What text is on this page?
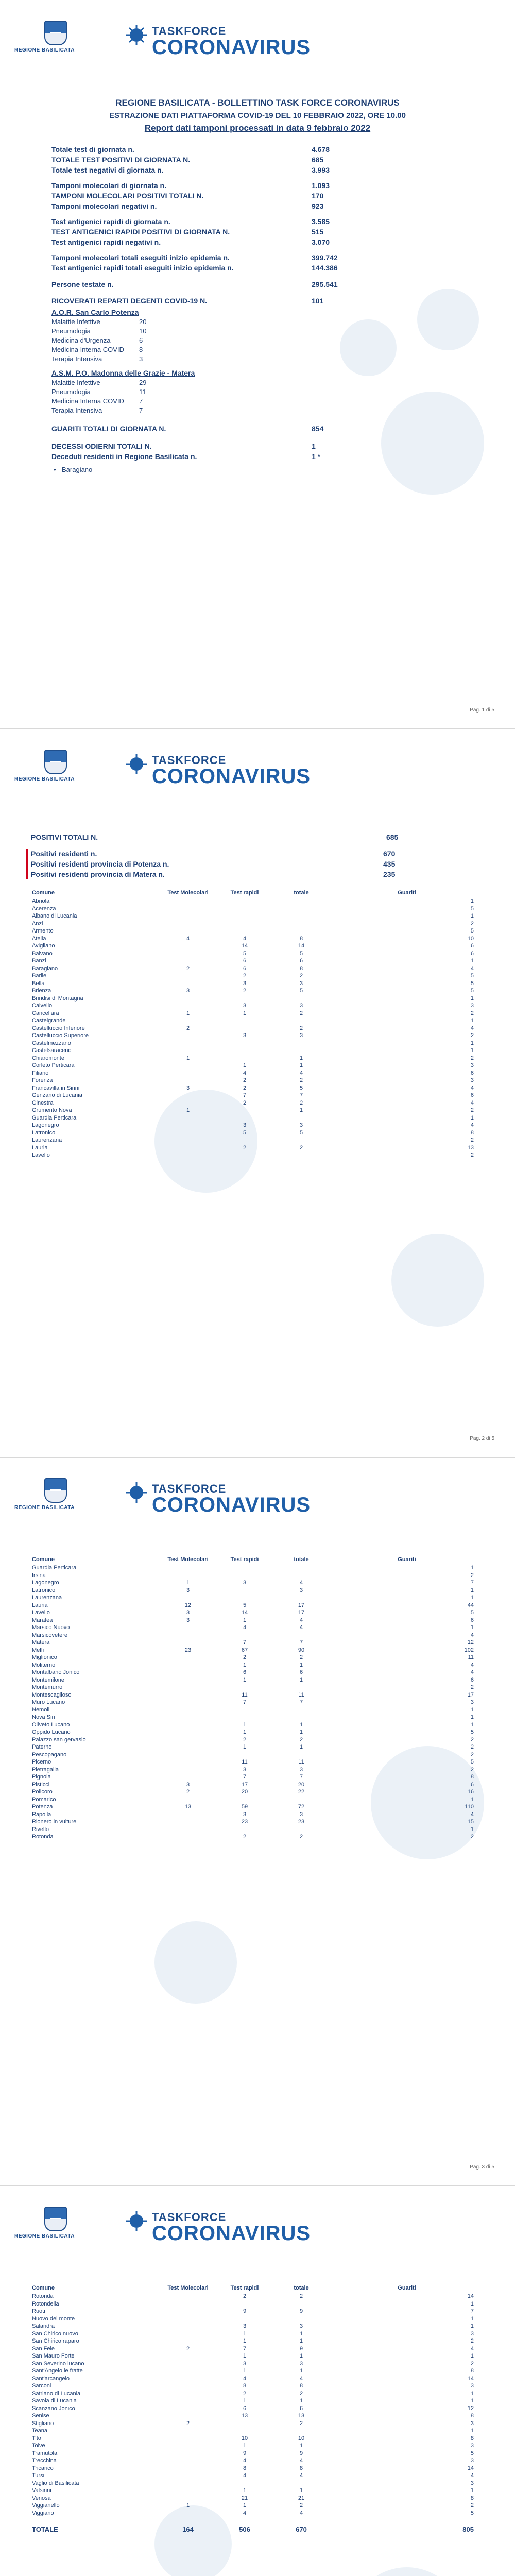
REGIONE BASILICATA
TASKFORCE
CORONAVIRUS
REGIONE BASILICATA - BOLLETTINO TASK FORCE CORONAVIRUS
ESTRAZIONE DATI PIATTAFORMA COVID-19 DEL 10 FEBBRAIO 2022, ORE 10.00
Report dati tamponi processati in data 9 febbraio 2022
Totale test di giornata n.	4.678
TOTALE TEST POSITIVI DI GIORNATA N.	685
Totale test negativi di giornata n.	3.993
Tamponi molecolari di giornata n.	1.093
TAMPONI MOLECOLARI POSITIVI TOTALI N.	170
Tamponi molecolari negativi n.	923
Test antigenici rapidi di giornata n.	3.585
TEST ANTIGENICI RAPIDI POSITIVI DI GIORNATA N.	515
Test antigenici rapidi negativi n.	3.070
Tamponi molecolari totali eseguiti inizio epidemia n.	399.742
Test antigenici rapidi totali eseguiti inizio epidemia n.	144.386
Persone testate n.	295.541
RICOVERATI REPARTI DEGENTI COVID-19 N.	101
A.O.R. San Carlo Potenza
Malattie Infettive	20
Pneumologia	10
Medicina d'Urgenza	6
Medicina Interna COVID 8
Terapia Intensiva	3
A.S.M. P.O. Madonna delle Grazie - Matera
Malattie Infettive	29
Pneumologia	11
Medicina Interna COVID 7
Terapia Intensiva	7
GUARITI TOTALI DI GIORNATA N.	854
DECESSI ODIERNI TOTALI N.	1
Deceduti residenti in Regione Basilicata n.	1 *
• Baragiano
Pag. 1 di 5
REGIONE BASILICATA
TASKFORCE
CORONAVIRUS
POSITIVI TOTALI N.	685
Positivi residenti n.	670
Positivi residenti provincia di Potenza n.	435
Positivi residenti provincia di Matera n.	235
Comune	Test Molecolari	Test rapidi	totale	Guariti
Abriola				1
Acerenza				5
Albano di Lucania				1
Anzi				2
Armento				5
Atella	4	4	8	10
Avigliano		14	14	6
Balvano		5	5	6
Banzi		6	6	1
Baragiano	2	6	8	4
Barile		2	2	5
Bella		3	3	5
Brienza	3	2	5	5
Brindisi di Montagna				1
Calvello		3	3	3
Cancellara	1	1	2	2
Castelgrande				1
Castelluccio Inferiore	2		2	4
Castelluccio Superiore		3	3	2
Castelmezzano				1
Castelsaraceno				1
Chiaromonte	1		1	2
Corleto Perticara		1	1	3
Filiano		4	4	6
Forenza		2	2	3
Francavilla in Sinni	3	2	5	4
Genzano di Lucania		7	7	6
Ginestra		2	2	4
Grumento Nova	1		1	2
Guardia Perticara				1
Lagonegro		3	3	4
Latronico		5	5	8
Laurenzana				2
Lauria		2	2	13
Lavello				2
Pag. 2 di 5
REGIONE BASILICATA
TASKFORCE
CORONAVIRUS
Comune	Test Molecolari	Test rapidi	totale	Guariti
Guardia Perticara				1
Irsina				2
Lagonegro	1	3	4	7
Latronico	3		3	1
Laurenzana				1
Lauria	12	5	17	44
Lavello	3	14	17	5
Maratea	3	1	4	6
Marsico Nuovo		4	4	1
Marsicovetere				4
Matera		7	7	12
Melfi	23	67	90	102
Miglionico		2	2	11
Moliterno		1	1	4
Montalbano Jonico		6	6	4
Montemilone		1	1	6
Montemurro				2
Montescaglioso		11	11	17
Muro Lucano		7	7	3
Nemoli				1
Nova Siri				1
Oliveto Lucano		1	1	1
Oppido Lucano		1	1	5
Palazzo san gervasio		2	2	2
Paterno		1	1	2
Pescopagano				2
Picerno		11	11	5
Pietragalla		3	3	2
Pignola		7	7	8
Pisticci	3	17	20	6
Policoro	2	20	22	16
Pomarico				1
Potenza	13	59	72	110
Rapolla		3	3	4
Rionero in vulture		23	23	15
Rivello				1
Rotonda		2	2	2
Pag. 3 di 5
REGIONE BASILICATA
TASKFORCE
CORONAVIRUS
Comune	Test Molecolari	Test rapidi	totale	Guariti
Rotonda		2	2	14
Rotondella				1
Ruoti		9	9	7
Nuovo del monte				1
Salandra		3	3	1
San Chirico nuovo		1	1	3
San Chirico raparo		1	1	2
San Fele	2	7	9	4
San Mauro Forte		1	1	1
San Severino lucano		3	3	2
Sant'Angelo le fratte		1	1	8
Sant'arcangelo		4	4	14
Sarconi		8	8	3
Satriano di Lucania		2	2	1
Savoia di Lucania		1	1	1
Scanzano Jonico		6	6	12
Senise		13	13	8
Stigliano	2		2	3
Teana				1
Tito		10	10	8
Tolve		1	1	3
Tramutola		9	9	5
Trecchina		4	4	3
Tricarico		8	8	14
Tursi		4	4	4
Vaglio di Basilicata				3
Valsinni		1	1	1
Venosa		21	21	8
Viggianello	1	1	2	2
Viggiano		4	4	5
TOTALE	164	506	670	805
